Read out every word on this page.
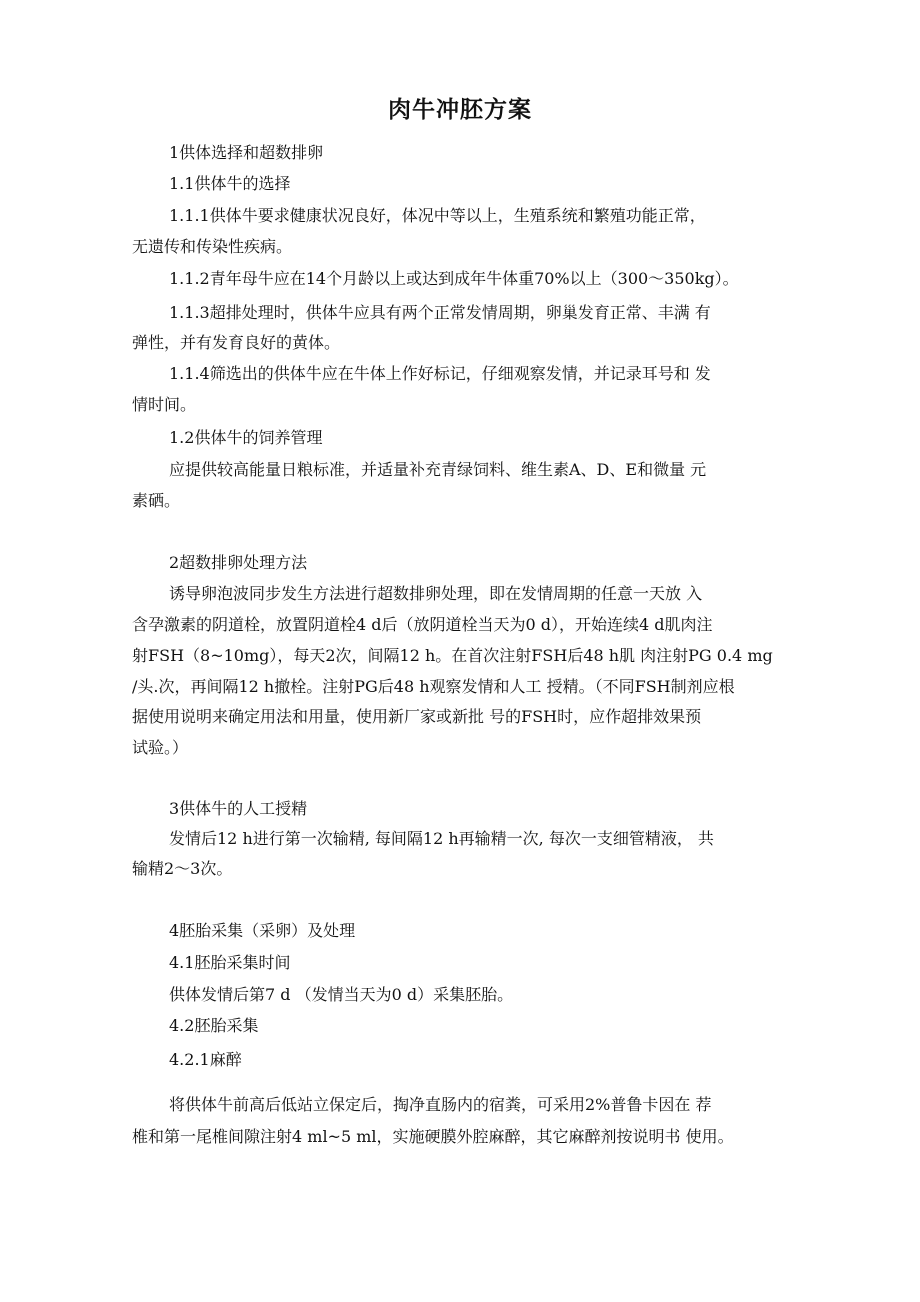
肉牛冲胚方案
1供体选择和超数排卵
1.1供体牛的选择
1.1.1供体牛要求健康状况良好，体况中等以上，生殖系统和繁殖功能正常，
无遗传和传染性疾病。
1.1.2青年母牛应在14个月龄以上或达到成年牛体重70%以上（300～350kg）。
1.1.3超排处理时，供体牛应具有两个正常发情周期，卵巢发育正常、丰满 有
弹性，并有发育良好的黄体。
1.1.4筛选出的供体牛应在牛体上作好标记，仔细观察发情，并记录耳号和 发
情时间。
1.2供体牛的饲养管理
应提供较高能量日粮标准，并适量补充青绿饲料、维生素A、D、E和微量 元
素硒。
2超数排卵处理方法
诱导卵泡波同步发生方法进行超数排卵处理，即在发情周期的任意一天放 入
含孕激素的阴道栓，放置阴道栓4 d后（放阴道栓当天为0 d），开始连续4 d肌肉注
射FSH（8~10mg），每天2次，间隔12 h。在首次注射FSH后48 h肌 肉注射PG 0.4 mg
/头.次，再间隔12 h撤栓。注射PG后48 h观察发情和人工 授精。（不同FSH制剂应根
据使用说明来确定用法和用量，使用新厂家或新批 号的FSH时，应作超排效果预
试验。）
3供体牛的人工授精
发情后12 h进行第一次输精, 每间隔12 h再输精一次, 每次一支细管精液， 共
输精2～3次。
4胚胎采集（采卵）及处理
4.1胚胎采集时间
供体发情后第7 d （发情当天为0 d）采集胚胎。
4.2胚胎采集
4.2.1麻醉
将供体牛前高后低站立保定后，掏净直肠内的宿粪，可采用2%普鲁卡因在 荐
椎和第一尾椎间隙注射4 ml~5 ml，实施硬膜外腔麻醉，其它麻醉剂按说明书 使用。
